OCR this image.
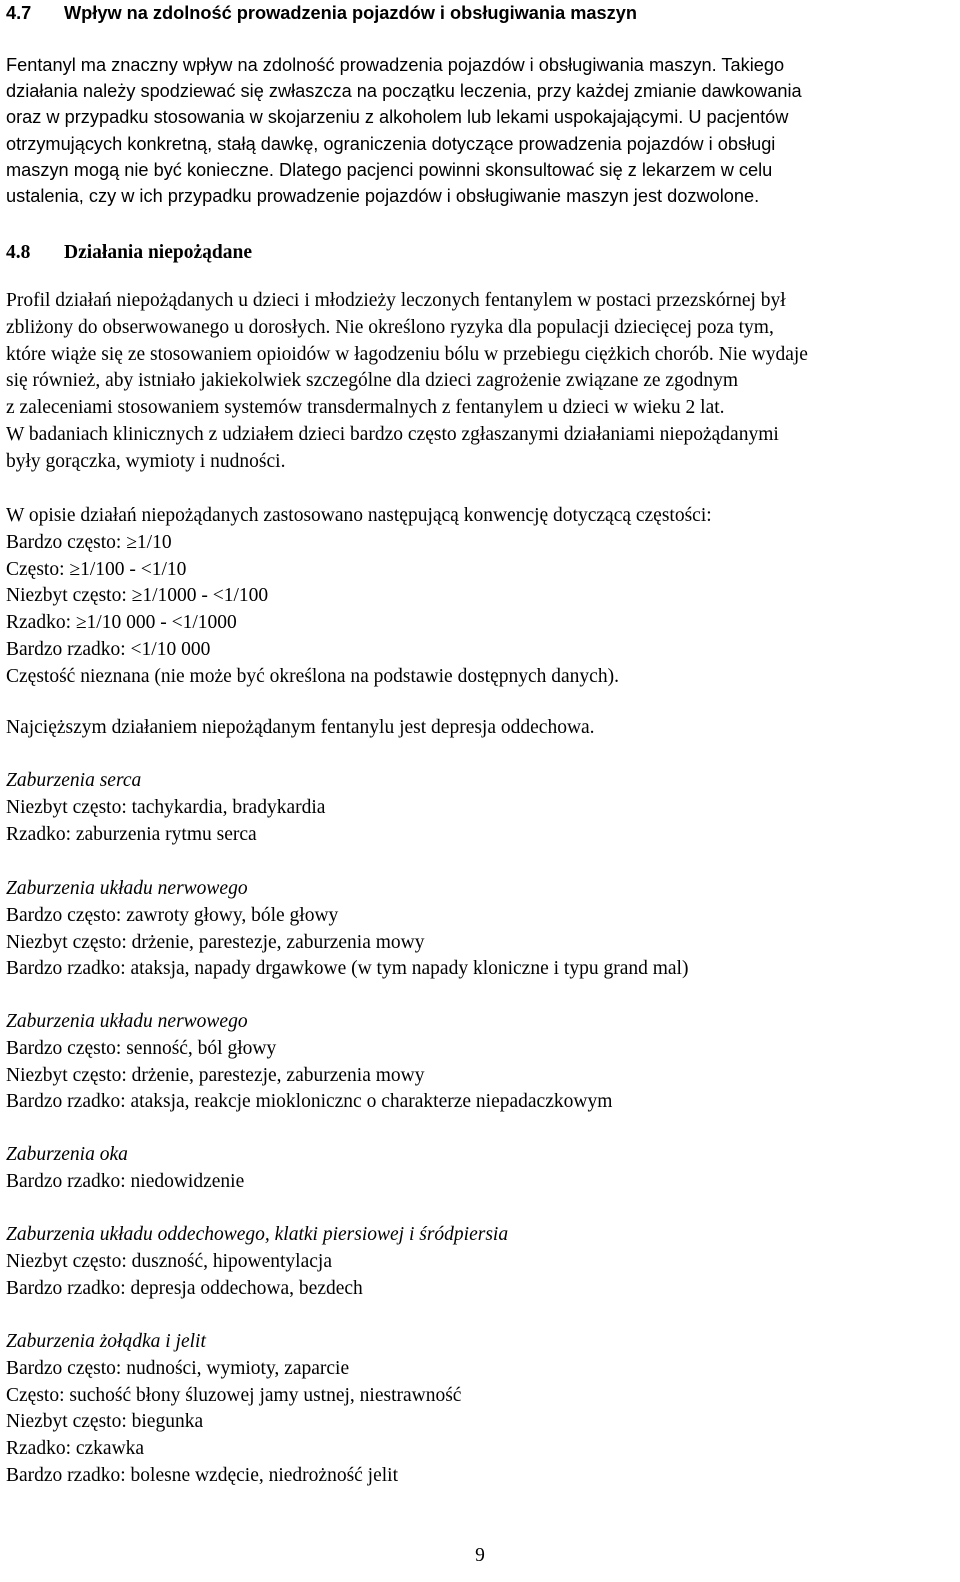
4.7 Wpływ na zdolność prowadzenia pojazdów i obsługiwania maszyn
Fentanyl ma znaczny wpływ na zdolność prowadzenia pojazdów i obsługiwania maszyn. Takiego
działania należy spodziewać się zwłaszcza na początku leczenia, przy każdej zmianie dawkowania
oraz w przypadku stosowania w skojarzeniu z alkoholem lub lekami uspokajającymi. U pacjentów
otrzymujących konkretną, stałą dawkę, ograniczenia dotyczące prowadzenia pojazdów i obsługi
maszyn mogą nie być konieczne. Dlatego pacjenci powinni skonsultować się z lekarzem w celu
ustalenia, czy w ich przypadku prowadzenie pojazdów i obsługiwanie maszyn jest dozwolone.
4.8 Działania niepożądane
Profil działań niepożądanych u dzieci i młodzieży leczonych fentanylem w postaci przezskórnej był
zbliżony do obserwowanego u dorosłych. Nie określono ryzyka dla populacji dziecięcej poza tym,
które wiąże się ze stosowaniem opioidów w łagodzeniu bólu w przebiegu ciężkich chorób. Nie wydaje
się również, aby istniało jakiekolwiek szczególne dla dzieci zagrożenie związane ze zgodnym
z zaleceniami stosowaniem systemów transdermalnych z fentanylem u dzieci w wieku 2 lat.
W badaniach klinicznych z udziałem dzieci bardzo często zgłaszanymi działaniami niepożądanymi
były gorączka, wymioty i nudności.
W opisie działań niepożądanych zastosowano następującą konwencję dotyczącą częstości:
Bardzo często: ≥1/10
Często: ≥1/100 - <1/10
Niezbyt często: ≥1/1000 - <1/100
Rzadko: ≥1/10 000 - <1/1000
Bardzo rzadko: <1/10 000
Częstość nieznana (nie może być określona na podstawie dostępnych danych).
Najcięższym działaniem niepożądanym fentanylu jest depresja oddechowa.
Zaburzenia serca
Niezbyt często: tachykardia, bradykardia
Rzadko: zaburzenia rytmu serca
Zaburzenia układu nerwowego
Bardzo często: zawroty głowy, bóle głowy
Niezbyt często: drżenie, parestezje, zaburzenia mowy
Bardzo rzadko: ataksja, napady drgawkowe (w tym napady kloniczne i typu grand mal)
Zaburzenia układu nerwowego
Bardzo często: senność, ból głowy
Niezbyt często: drżenie, parestezje, zaburzenia mowy
Bardzo rzadko: ataksja, reakcje mioklonicznc o charakterze niepadaczkowym
Zaburzenia oka
Bardzo rzadko: niedowidzenie
Zaburzenia układu oddechowego, klatki piersiowej i śródpiersia
Niezbyt często: duszność, hipowentylacja
Bardzo rzadko: depresja oddechowa, bezdech
Zaburzenia żołądka i jelit
Bardzo często: nudności, wymioty, zaparcie
Często: suchość błony śluzowej jamy ustnej, niestrawność
Niezbyt często: biegunka
Rzadko: czkawka
Bardzo rzadko: bolesne wzdęcie, niedrożność jelit
9
